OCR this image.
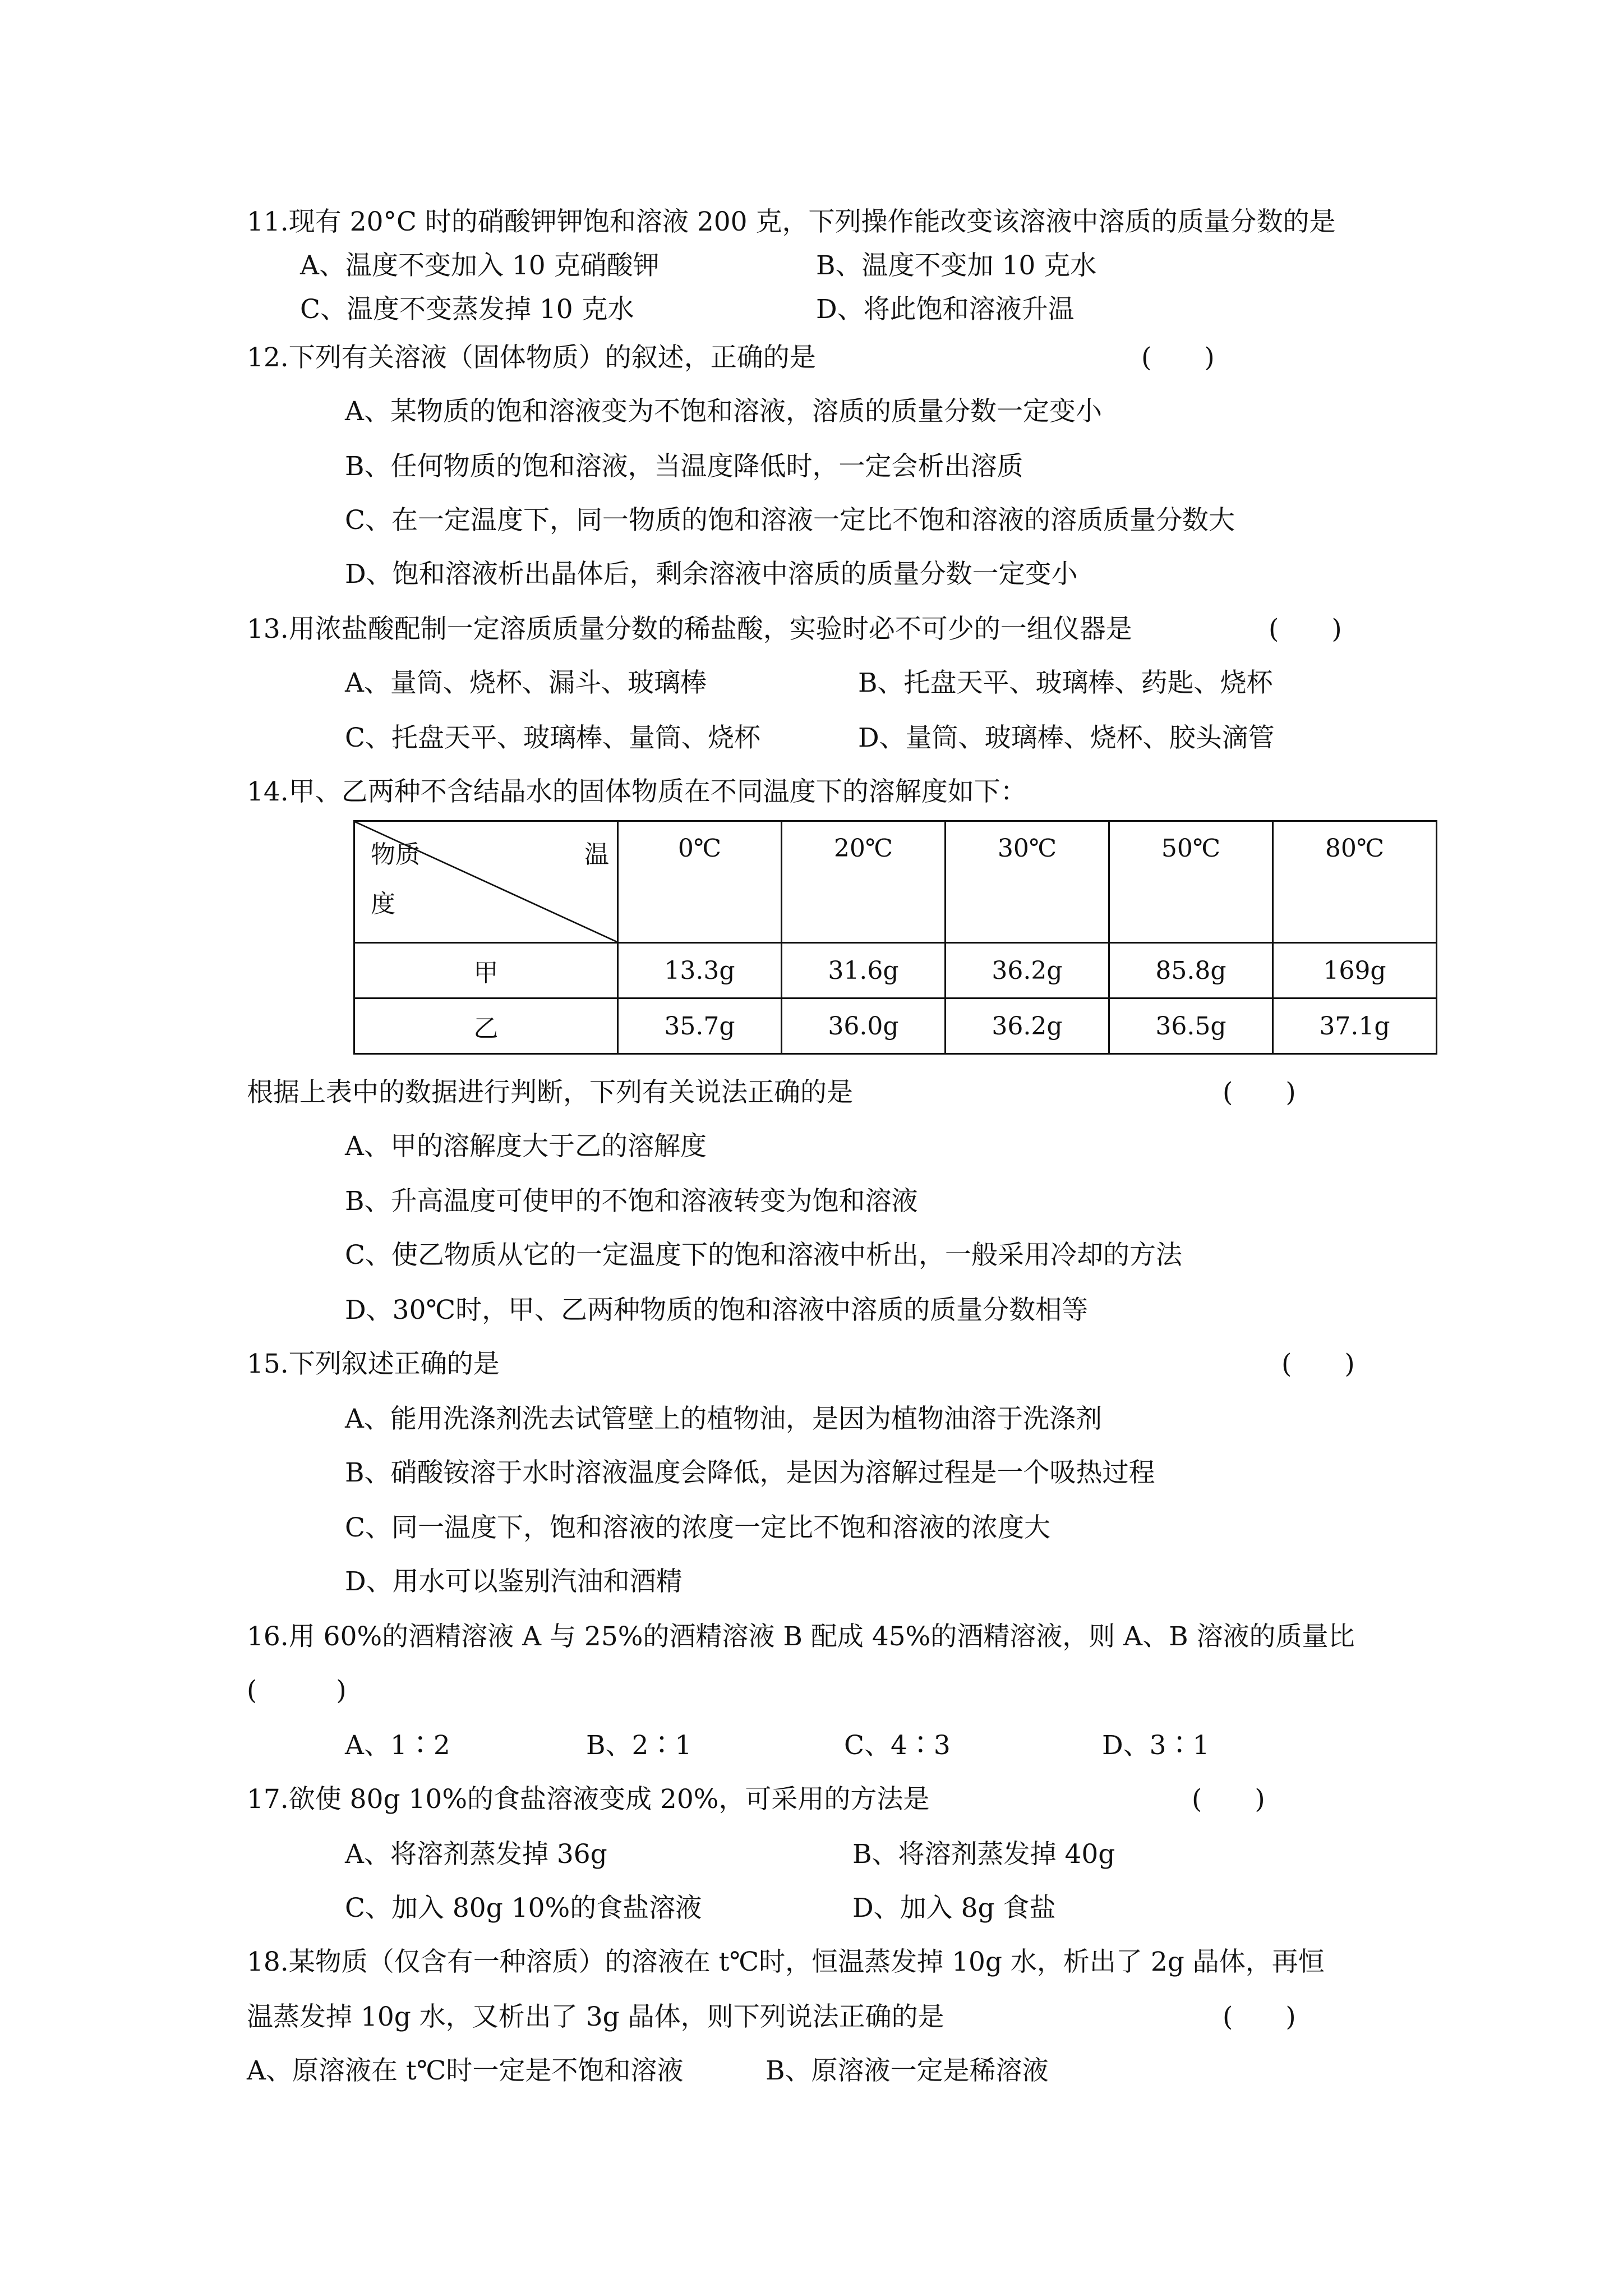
11.现有 20°C 时的硝酸钾钾饱和溶液 200 克，下列操作能改变该溶液中溶质的质量分数的是
A、温度不变加入 10 克硝酸钾	B、温度不变加 10 克水
C、温度不变蒸发掉 10 克水	D、将此饱和溶液升温
12.下列有关溶液（固体物质）的叙述，正确的是	(　　)
A、某物质的饱和溶液变为不饱和溶液，溶质的质量分数一定变小
B、任何物质的饱和溶液，当温度降低时，一定会析出溶质
C、在一定温度下，同一物质的饱和溶液一定比不饱和溶液的溶质质量分数大
D、饱和溶液析出晶体后，剩余溶液中溶质的质量分数一定变小
13.用浓盐酸配制一定溶质质量分数的稀盐酸，实验时必不可少的一组仪器是	(　　)
A、量筒、烧杯、漏斗、玻璃棒	B、托盘天平、玻璃棒、药匙、烧杯
C、托盘天平、玻璃棒、量筒、烧杯	D、量筒、玻璃棒、烧杯、胶头滴管
14.甲、乙两种不含结晶水的固体物质在不同温度下的溶解度如下：
物质 温
度	0℃	20℃	30℃	50℃	80℃
甲	13.3g	31.6g	36.2g	85.8g	169g
乙	35.7g	36.0g	36.2g	36.5g	37.1g
根据上表中的数据进行判断，下列有关说法正确的是	(　　)
A、甲的溶解度大于乙的溶解度
B、升高温度可使甲的不饱和溶液转变为饱和溶液
C、使乙物质从它的一定温度下的饱和溶液中析出，一般采用冷却的方法
D、30℃时，甲、乙两种物质的饱和溶液中溶质的质量分数相等
15.下列叙述正确的是	(　　)
A、能用洗涤剂洗去试管壁上的植物油，是因为植物油溶于洗涤剂
B、硝酸铵溶于水时溶液温度会降低，是因为溶解过程是一个吸热过程
C、同一温度下，饱和溶液的浓度一定比不饱和溶液的浓度大
D、用水可以鉴别汽油和酒精
16.用 60%的酒精溶液 A 与 25%的酒精溶液 B 配成 45%的酒精溶液，则 A、B 溶液的质量比
(　　　)
A、1∶2	B、2∶1	C、4∶3	D、3∶1
17.欲使 80g 10%的食盐溶液变成 20%，可采用的方法是	(　　)
A、将溶剂蒸发掉 36g	B、将溶剂蒸发掉 40g
C、加入 80g 10%的食盐溶液	D、加入 8g 食盐
18.某物质（仅含有一种溶质）的溶液在 t℃时，恒温蒸发掉 10g 水，析出了 2g 晶体，再恒
温蒸发掉 10g 水，又析出了 3g 晶体，则下列说法正确的是	(　　)
A、原溶液在 t℃时一定是不饱和溶液	B、原溶液一定是稀溶液
